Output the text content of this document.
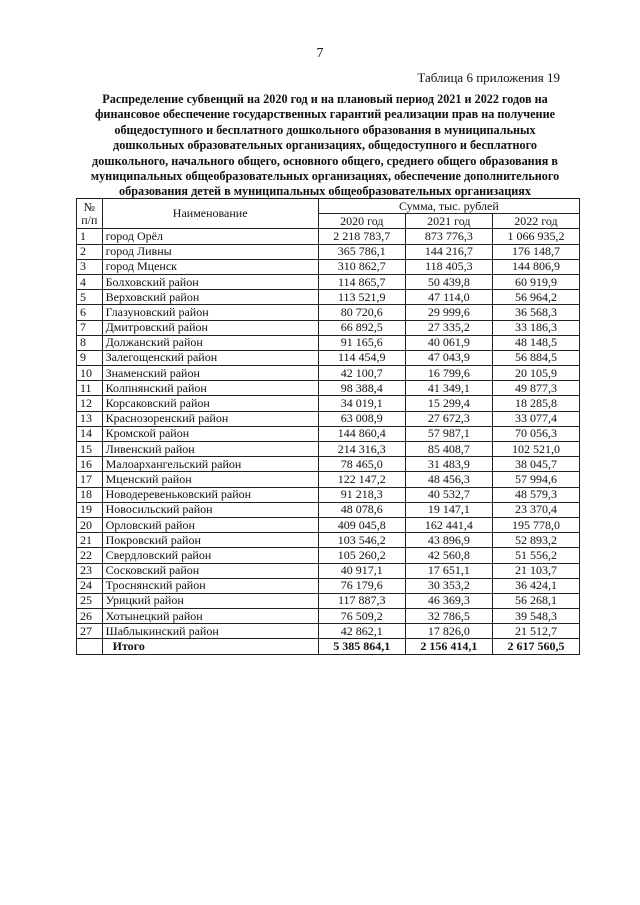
7
Таблица 6 приложения 19
Распределение субвенций на 2020 год и на плановый период 2021 и 2022 годов на
финансовое обеспечение государственных гарантий реализации прав на получение
общедоступного и бесплатного дошкольного образования в муниципальных
дошкольных образовательных организациях, общедоступного и бесплатного
дошкольного, начального общего, основного общего, среднего общего образования в
муниципальных общеобразовательных организациях, обеспечение дополнительного
образования детей в муниципальных общеобразовательных организациях
№ п/п	Наименование	Сумма, тыс. рублей		
		2020 год	2021 год	2022 год
1	город Орёл	2 218 783,7	873 776,3	1 066 935,2
2	город Ливны	365 786,1	144 216,7	176 148,7
3	город Мценск	310 862,7	118 405,3	144 806,9
4	Болховский район	114 865,7	50 439,8	60 919,9
5	Верховский район	113 521,9	47 114,0	56 964,2
6	Глазуновский район	80 720,6	29 999,6	36 568,3
7	Дмитровский район	66 892,5	27 335,2	33 186,3
8	Должанский район	91 165,6	40 061,9	48 148,5
9	Залегощенский район	114 454,9	47 043,9	56 884,5
10	Знаменский район	42 100,7	16 799,6	20 105,9
11	Колпнянский район	98 388,4	41 349,1	49 877,3
12	Корсаковский район	34 019,1	15 299,4	18 285,8
13	Краснозоренский район	63 008,9	27 672,3	33 077,4
14	Кромской район	144 860,4	57 987,1	70 056,3
15	Ливенский район	214 316,3	85 408,7	102 521,0
16	Малоархангельский район	78 465,0	31 483,9	38 045,7
17	Мценский район	122 147,2	48 456,3	57 994,6
18	Новодеревеньковский район	91 218,3	40 532,7	48 579,3
19	Новосильский район	48 078,6	19 147,1	23 370,4
20	Орловский район	409 045,8	162 441,4	195 778,0
21	Покровский район	103 546,2	43 896,9	52 893,2
22	Свердловский район	105 260,2	42 560,8	51 556,2
23	Сосковский район	40 917,1	17 651,1	21 103,7
24	Троснянский район	76 179,6	30 353,2	36 424,1
25	Урицкий район	117 887,3	46 369,3	56 268,1
26	Хотынецкий район	76 509,2	32 786,5	39 548,3
27	Шаблыкинский район	42 862,1	17 826,0	21 512,7
	Итого	5 385 864,1	2 156 414,1	2 617 560,5
